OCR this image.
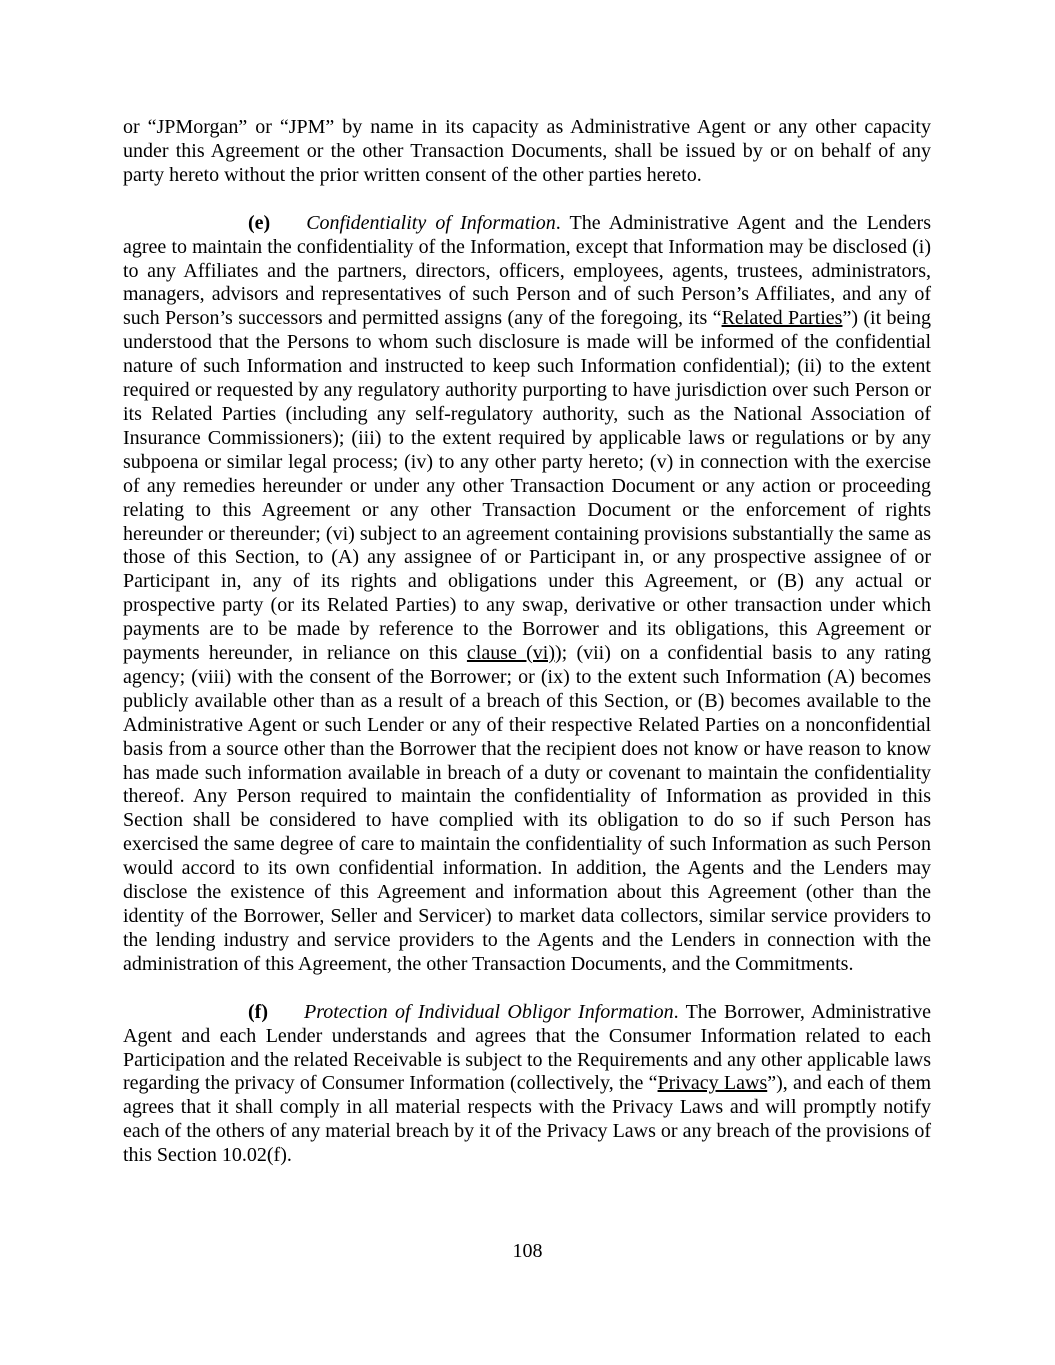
or “JPMorgan” or “JPM” by name in its capacity as Administrative Agent or any other capacity under this Agreement or the other Transaction Documents, shall be issued by or on behalf of any party hereto without the prior written consent of the other parties hereto.

(e) Confidentiality of Information. The Administrative Agent and the Lenders agree to maintain the confidentiality of the Information, except that Information may be disclosed (i) to any Affiliates and the partners, directors, officers, employees, agents, trustees, administrators, managers, advisors and representatives of such Person and of such Person’s Affiliates, and any of such Person’s successors and permitted assigns (any of the foregoing, its “Related Parties”) (it being understood that the Persons to whom such disclosure is made will be informed of the confidential nature of such Information and instructed to keep such Information confidential); (ii) to the extent required or requested by any regulatory authority purporting to have jurisdiction over such Person or its Related Parties (including any self-regulatory authority, such as the National Association of Insurance Commissioners); (iii) to the extent required by applicable laws or regulations or by any subpoena or similar legal process; (iv) to any other party hereto; (v) in connection with the exercise of any remedies hereunder or under any other Transaction Document or any action or proceeding relating to this Agreement or any other Transaction Document or the enforcement of rights hereunder or thereunder; (vi) subject to an agreement containing provisions substantially the same as those of this Section, to (A) any assignee of or Participant in, or any prospective assignee of or Participant in, any of its rights and obligations under this Agreement, or (B) any actual or prospective party (or its Related Parties) to any swap, derivative or other transaction under which payments are to be made by reference to the Borrower and its obligations, this Agreement or payments hereunder, in reliance on this clause (vi)); (vii) on a confidential basis to any rating agency; (viii) with the consent of the Borrower; or (ix) to the extent such Information (A) becomes publicly available other than as a result of a breach of this Section, or (B) becomes available to the Administrative Agent or such Lender or any of their respective Related Parties on a nonconfidential basis from a source other than the Borrower that the recipient does not know or have reason to know has made such information available in breach of a duty or covenant to maintain the confidentiality thereof. Any Person required to maintain the confidentiality of Information as provided in this Section shall be considered to have complied with its obligation to do so if such Person has exercised the same degree of care to maintain the confidentiality of such Information as such Person would accord to its own confidential information. In addition, the Agents and the Lenders may disclose the existence of this Agreement and information about this Agreement (other than the identity of the Borrower, Seller and Servicer) to market data collectors, similar service providers to the lending industry and service providers to the Agents and the Lenders in connection with the administration of this Agreement, the other Transaction Documents, and the Commitments.

(f) Protection of Individual Obligor Information. The Borrower, Administrative Agent and each Lender understands and agrees that the Consumer Information related to each Participation and the related Receivable is subject to the Requirements and any other applicable laws regarding the privacy of Consumer Information (collectively, the “Privacy Laws”), and each of them agrees that it shall comply in all material respects with the Privacy Laws and will promptly notify each of the others of any material breach by it of the Privacy Laws or any breach of the provisions of this Section 10.02(f).

108
